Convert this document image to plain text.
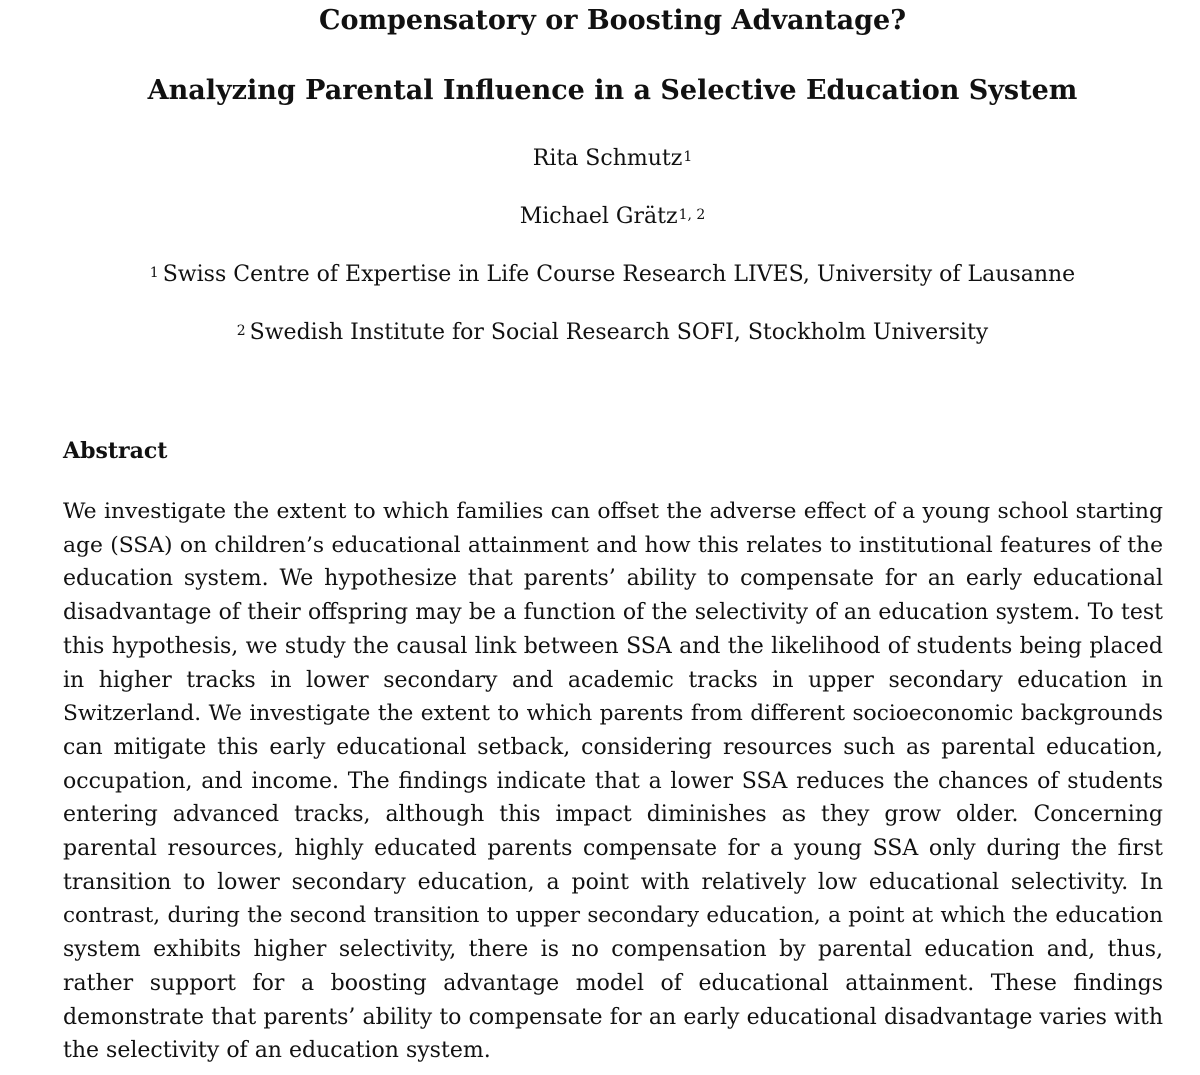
Compensatory or Boosting Advantage?
Analyzing Parental Influence in a Selective Education System

Rita Schmutz$^1$

Michael Grätz$^{1, 2}$

$^1$ Swiss Centre of Expertise in Life Course Research LIVES, University of Lausanne

$^2$ Swedish Institute for Social Research SOFI, Stockholm University

Abstract
We investigate the extent to which families can offset the adverse effect of a young school starting
age (SSA) on children’s educational attainment and how this relates to institutional features of the
education system. We hypothesize that parents’ ability to compensate for an early educational
disadvantage of their offspring may be a function of the selectivity of an education system. To test
this hypothesis, we study the causal link between SSA and the likelihood of students being placed
in higher tracks in lower secondary and academic tracks in upper secondary education in
Switzerland. We investigate the extent to which parents from different socioeconomic backgrounds
can mitigate this early educational setback, considering resources such as parental education,
occupation, and income. The findings indicate that a lower SSA reduces the chances of students
entering advanced tracks, although this impact diminishes as they grow older. Concerning
parental resources, highly educated parents compensate for a young SSA only during the first
transition to lower secondary education, a point with relatively low educational selectivity. In
contrast, during the second transition to upper secondary education, a point at which the education
system exhibits higher selectivity, there is no compensation by parental education and, thus,
rather support for a boosting advantage model of educational attainment. These findings
demonstrate that parents’ ability to compensate for an early educational disadvantage varies with
the selectivity of an education system.
